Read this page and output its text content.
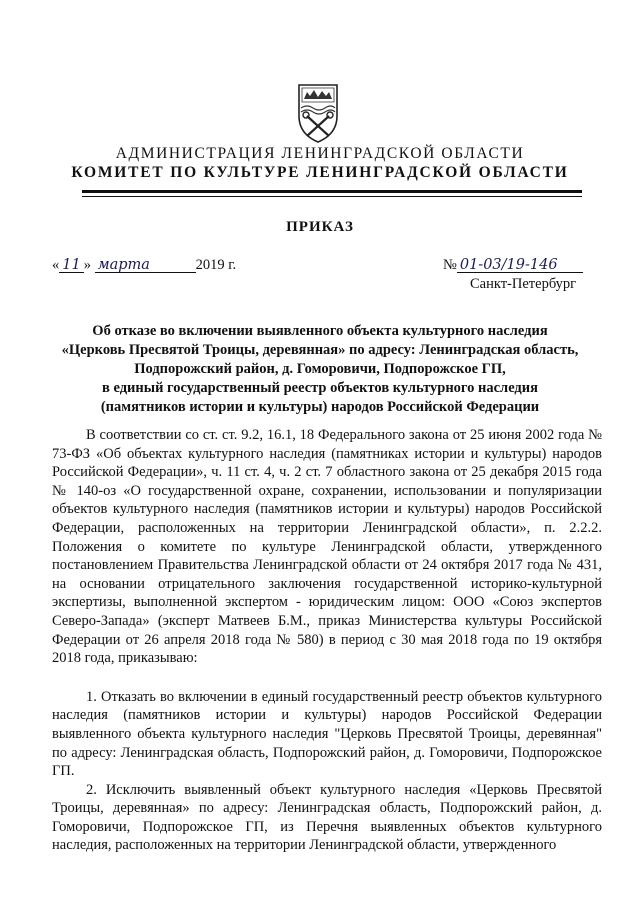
АДМИНИСТРАЦИЯ ЛЕНИНГРАДСКОЙ ОБЛАСТИ
КОМИТЕТ ПО КУЛЬТУРЕ ЛЕНИНГРАДСКОЙ ОБЛАСТИ
ПРИКАЗ
« 11 » марта	2019 г.	№ 01-03/19-146
Санкт-Петербург

Об отказе во включении выявленного объекта культурного наследия
«Церковь Пресвятой Троицы, деревянная» по адресу: Ленинградская область,
Подпорожский район, д. Гоморовичи, Подпорожское ГП,
в единый государственный реестр объектов культурного наследия
(памятников истории и культуры) народов Российской Федерации

В соответствии со ст. ст. 9.2, 16.1, 18 Федерального закона от 25 июня 2002 года № 73-ФЗ «Об объектах культурного наследия (памятниках истории и культуры) народов Российской Федерации», ч. 11 ст. 4, ч. 2 ст. 7 областного закона от 25 декабря 2015 года № 140-оз «О государственной охране, сохранении, использовании и популяризации объектов культурного наследия (памятников истории и культуры) народов Российской Федерации, расположенных на территории Ленинградской области», п. 2.2.2. Положения о комитете по культуре Ленинградской области, утвержденного постановлением Правительства Ленинградской области от 24 октября 2017 года № 431, на основании отрицательного заключения государственной историко-культурной экспертизы, выполненной экспертом - юридическим лицом: ООО «Союз экспертов Северо-Запада» (эксперт Матвеев Б.М., приказ Министерства культуры Российской Федерации от 26 апреля 2018 года № 580) в период с 30 мая 2018 года по 19 октября 2018 года, приказываю:

1. Отказать во включении в единый государственный реестр объектов культурного наследия (памятников истории и культуры) народов Российской Федерации выявленного объекта культурного наследия "Церковь Пресвятой Троицы, деревянная" по адресу: Ленинградская область, Подпорожский район, д. Гоморовичи, Подпорожское ГП.

2. Исключить выявленный объект культурного наследия «Церковь Пресвятой Троицы, деревянная» по адресу: Ленинградская область, Подпорожский район, д. Гоморовичи, Подпорожское ГП, из Перечня выявленных объектов культурного наследия, расположенных на территории Ленинградской области, утвержденного
